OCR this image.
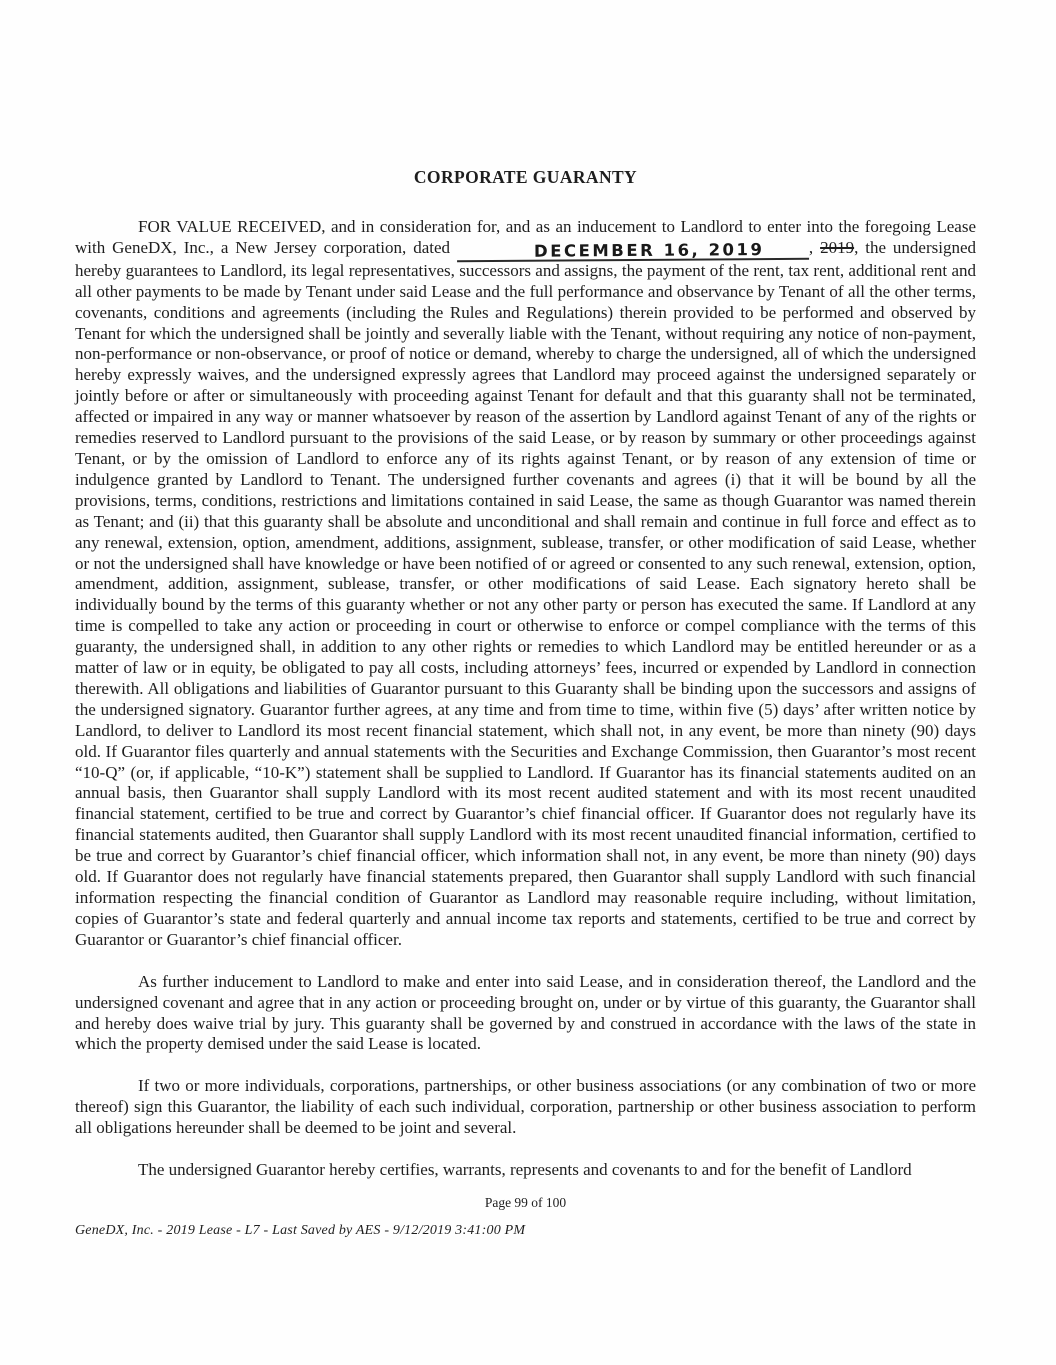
CORPORATE GUARANTY

FOR VALUE RECEIVED, and in consideration for, and as an inducement to Landlord to enter into the foregoing Lease with GeneDX, Inc., a New Jersey corporation, dated	DECEMBER 16, 2019	, 2019, the undersigned hereby guarantees to Landlord, its legal representatives, successors and assigns, the payment of the rent, tax rent, additional rent and all other payments to be made by Tenant under said Lease and the full performance and observance by Tenant of all the other terms, covenants, conditions and agreements (including the Rules and Regulations) therein provided to be performed and observed by Tenant for which the undersigned shall be jointly and severally liable with the Tenant, without requiring any notice of non-payment, non-performance or non-observance, or proof of notice or demand, whereby to charge the undersigned, all of which the undersigned hereby expressly waives, and the undersigned expressly agrees that Landlord may proceed against the undersigned separately or jointly before or after or simultaneously with proceeding against Tenant for default and that this guaranty shall not be terminated, affected or impaired in any way or manner whatsoever by reason of the assertion by Landlord against Tenant of any of the rights or remedies reserved to Landlord pursuant to the provisions of the said Lease, or by reason by summary or other proceedings against Tenant, or by the omission of Landlord to enforce any of its rights against Tenant, or by reason of any extension of time or indulgence granted by Landlord to Tenant. The undersigned further covenants and agrees (i) that it will be bound by all the provisions, terms, conditions, restrictions and limitations contained in said Lease, the same as though Guarantor was named therein as Tenant; and (ii) that this guaranty shall be absolute and unconditional and shall remain and continue in full force and effect as to any renewal, extension, option, amendment, additions, assignment, sublease, transfer, or other modification of said Lease, whether or not the undersigned shall have knowledge or have been notified of or agreed or consented to any such renewal, extension, option, amendment, addition, assignment, sublease, transfer, or other modifications of said Lease. Each signatory hereto shall be individually bound by the terms of this guaranty whether or not any other party or person has executed the same. If Landlord at any time is compelled to take any action or proceeding in court or otherwise to enforce or compel compliance with the terms of this guaranty, the undersigned shall, in addition to any other rights or remedies to which Landlord may be entitled hereunder or as a matter of law or in equity, be obligated to pay all costs, including attorneys’ fees, incurred or expended by Landlord in connection therewith. All obligations and liabilities of Guarantor pursuant to this Guaranty shall be binding upon the successors and assigns of the undersigned signatory. Guarantor further agrees, at any time and from time to time, within five (5) days’ after written notice by Landlord, to deliver to Landlord its most recent financial statement, which shall not, in any event, be more than ninety (90) days old. If Guarantor files quarterly and annual statements with the Securities and Exchange Commission, then Guarantor’s most recent “10-Q” (or, if applicable, “10-K”) statement shall be supplied to Landlord. If Guarantor has its financial statements audited on an annual basis, then Guarantor shall supply Landlord with its most recent audited statement and with its most recent unaudited financial statement, certified to be true and correct by Guarantor’s chief financial officer. If Guarantor does not regularly have its financial statements audited, then Guarantor shall supply Landlord with its most recent unaudited financial information, certified to be true and correct by Guarantor’s chief financial officer, which information shall not, in any event, be more than ninety (90) days old. If Guarantor does not regularly have financial statements prepared, then Guarantor shall supply Landlord with such financial information respecting the financial condition of Guarantor as Landlord may reasonable require including, without limitation, copies of Guarantor’s state and federal quarterly and annual income tax reports and statements, certified to be true and correct by Guarantor or Guarantor’s chief financial officer.

As further inducement to Landlord to make and enter into said Lease, and in consideration thereof, the Landlord and the undersigned covenant and agree that in any action or proceeding brought on, under or by virtue of this guaranty, the Guarantor shall and hereby does waive trial by jury. This guaranty shall be governed by and construed in accordance with the laws of the state in which the property demised under the said Lease is located.

If two or more individuals, corporations, partnerships, or other business associations (or any combination of two or more thereof) sign this Guarantor, the liability of each such individual, corporation, partnership or other business association to perform all obligations hereunder shall be deemed to be joint and several.

The undersigned Guarantor hereby certifies, warrants, represents and covenants to and for the benefit of Landlord

Page 99 of 100
GeneDX, Inc. - 2019 Lease - L7 - Last Saved by AES - 9/12/2019 3:41:00 PM
